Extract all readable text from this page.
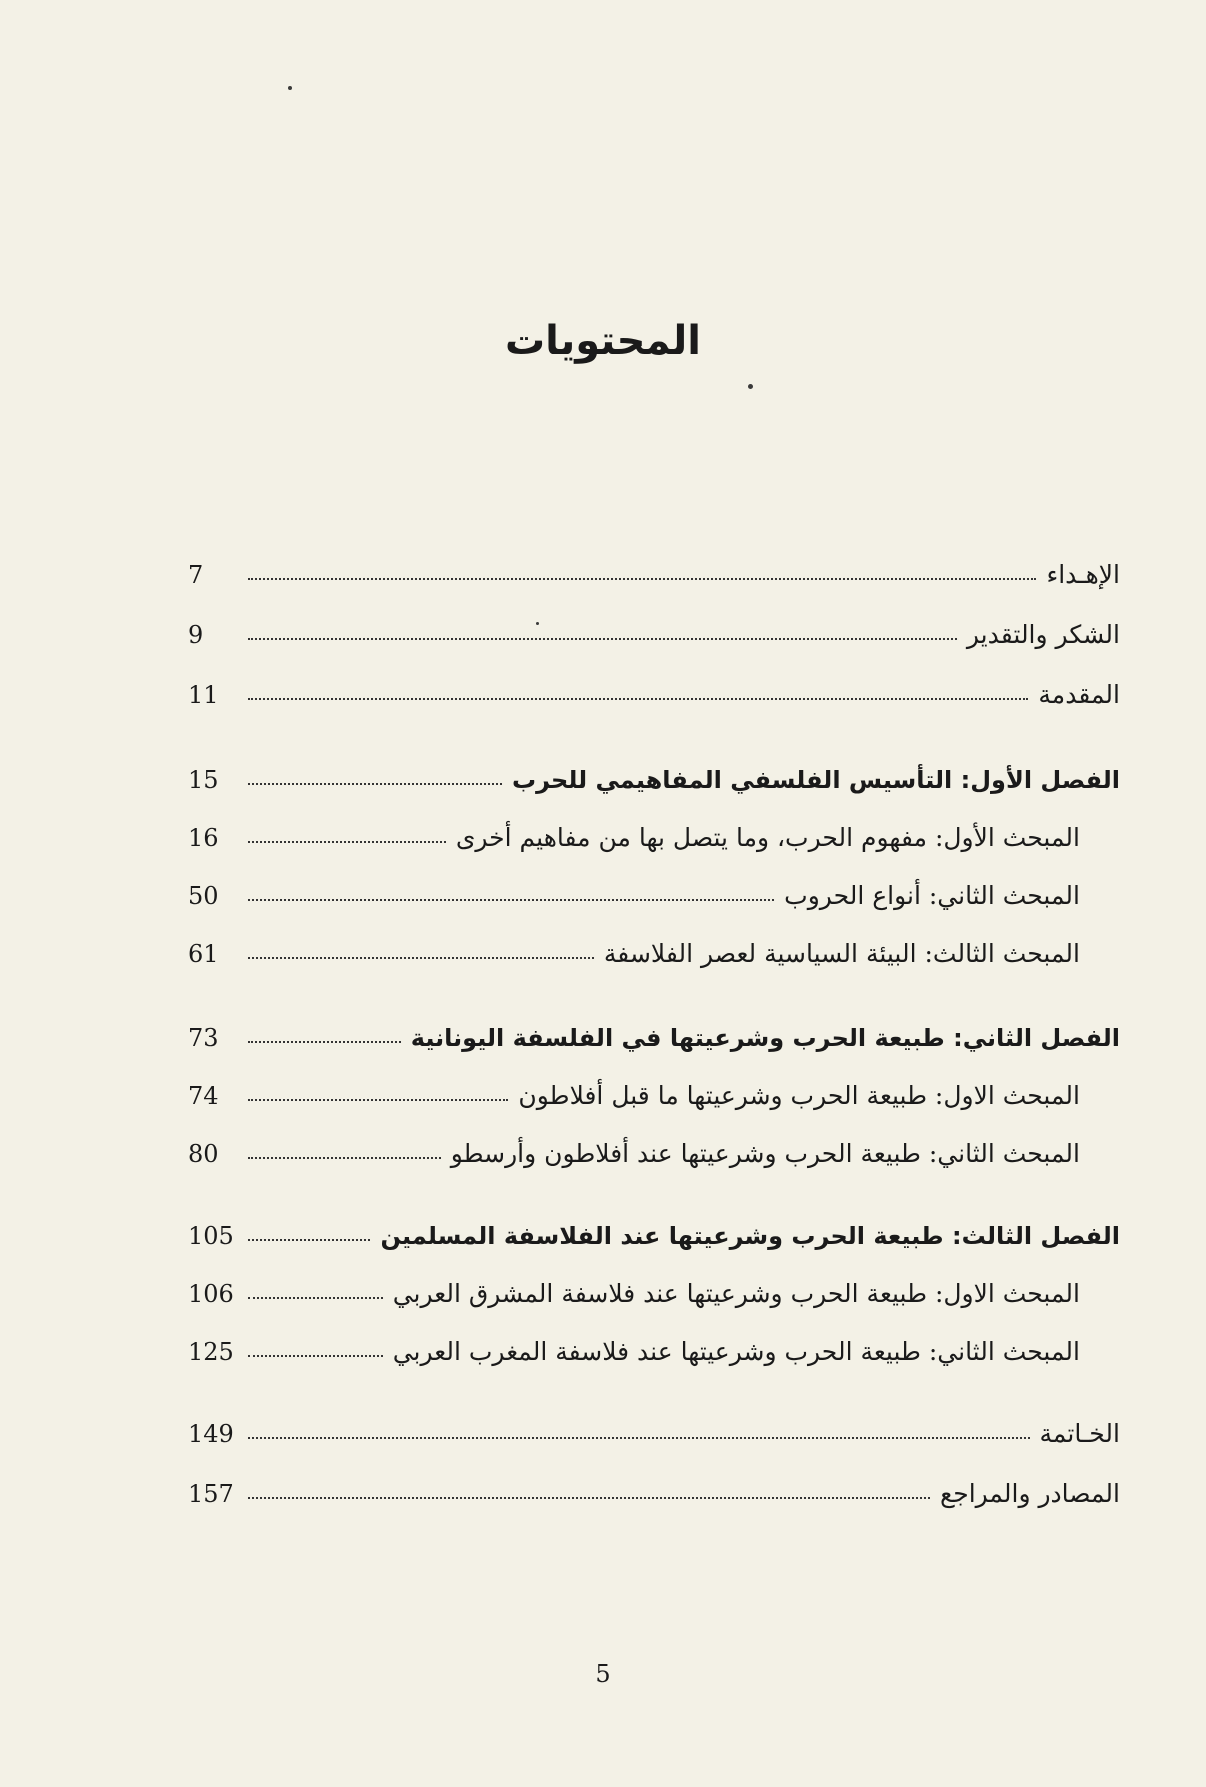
المحتويات
الإهـداء
7
الشكر والتقدير
9
المقدمة
11
الفصل الأول: التأسيس الفلسفي المفاهيمي للحرب
15
المبحث الأول: مفهوم الحرب، وما يتصل بها من مفاهيم أخرى
16
المبحث الثاني: أنواع الحروب
50
المبحث الثالث: البيئة السياسية لعصر الفلاسفة
61
الفصل الثاني: طبيعة الحرب وشرعيتها في الفلسفة اليونانية
73
المبحث الاول: طبيعة الحرب وشرعيتها ما قبل أفلاطون
74
المبحث الثاني: طبيعة الحرب وشرعيتها عند أفلاطون وأرسطو
80
الفصل الثالث: طبيعة الحرب وشرعيتها عند الفلاسفة المسلمين
105
المبحث الاول: طبيعة الحرب وشرعيتها عند فلاسفة المشرق العربي
106
المبحث الثاني: طبيعة الحرب وشرعيتها عند فلاسفة المغرب العربي
125
الخـاتمة
149
المصادر والمراجع
157
5
